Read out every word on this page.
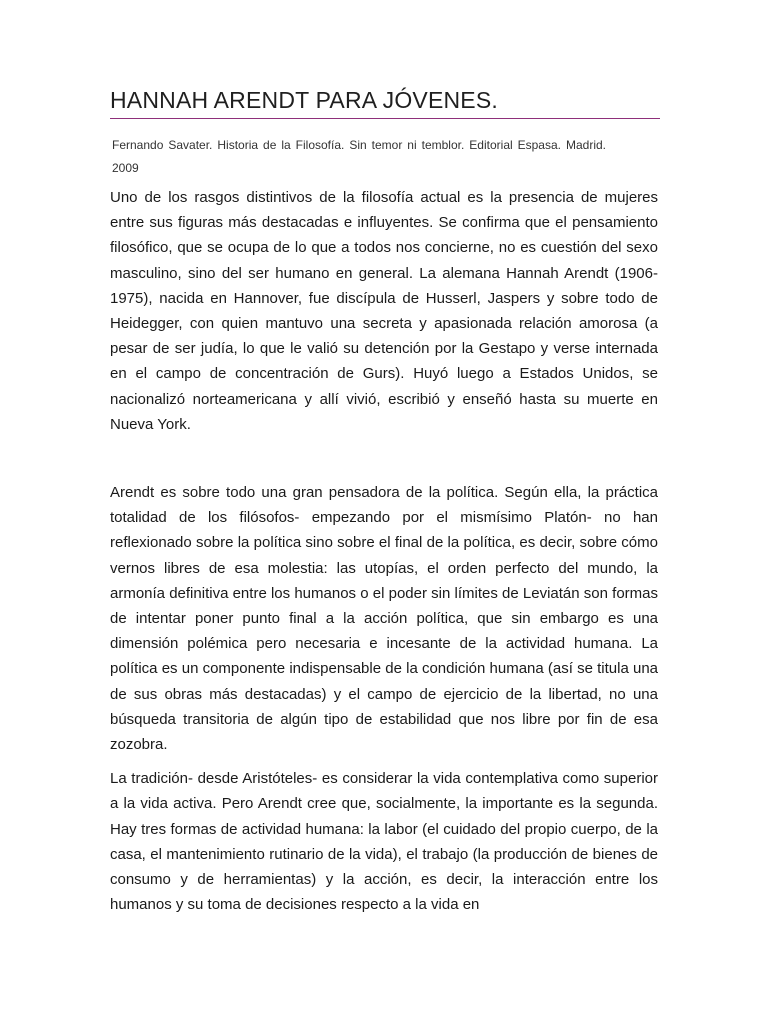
HANNAH ARENDT PARA JÓVENES.
Fernando Savater. Historia de la Filosofía. Sin temor ni temblor. Editorial Espasa. Madrid. 2009

Uno de los rasgos distintivos de la filosofía actual es la presencia de mujeres entre sus figuras más destacadas e influyentes. Se confirma que el pensamiento filosófico, que se ocupa de lo que a todos nos concierne, no es cuestión del sexo masculino, sino del ser humano en general. La alemana Hannah Arendt (1906-1975), nacida en Hannover, fue discípula de Husserl, Jaspers y sobre todo de Heidegger, con quien mantuvo una secreta y apasionada relación amorosa (a pesar de ser judía, lo que le valió su detención por la Gestapo y verse internada en el campo de concentración de Gurs). Huyó luego a Estados Unidos, se nacionalizó norteamericana y allí vivió, escribió y enseñó hasta su muerte en Nueva York.

Arendt es sobre todo una gran pensadora de la política. Según ella, la práctica totalidad de los filósofos- empezando por el mismísimo Platón- no han reflexionado sobre la política sino sobre el final de la política, es decir, sobre cómo vernos libres de esa molestia: las utopías, el orden perfecto del mundo, la armonía definitiva entre los humanos o el poder sin límites de Leviatán son formas de intentar poner punto final a la acción política, que sin embargo es una dimensión polémica pero necesaria e incesante de la actividad humana. La política es un componente indispensable de la condición humana (así se titula una de sus obras más destacadas) y el campo de ejercicio de la libertad, no una búsqueda transitoria de algún tipo de estabilidad que nos libre por fin de esa zozobra.

La tradición- desde Aristóteles- es considerar la vida contemplativa como superior a la vida activa. Pero Arendt cree que, socialmente, la importante es la segunda. Hay tres formas de actividad humana: la labor (el cuidado del propio cuerpo, de la casa, el mantenimiento rutinario de la vida), el trabajo (la producción de bienes de consumo y de herramientas) y la acción, es decir, la interacción entre los humanos y su toma de decisiones respecto a la vida en
